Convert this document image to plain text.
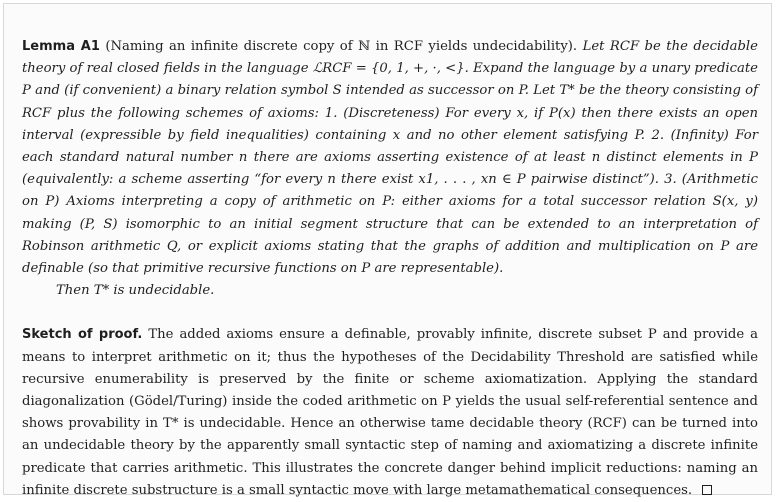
Lemma A1 (Naming an infinite discrete copy of ℕ in RCF yields undecidability). Let RCF be the decidable theory of real closed fields in the language ℒRCF = {0, 1, +, ·, <}. Expand the language by a unary predicate P and (if convenient) a binary relation symbol S intended as successor on P. Let T* be the theory consisting of RCF plus the following schemes of axioms: 1. (Discreteness) For every x, if P(x) then there exists an open interval (expressible by field inequalities) containing x and no other element satisfying P. 2. (Infinity) For each standard natural number n there are axioms asserting existence of at least n distinct elements in P (equivalently: a scheme asserting “for every n there exist x1, . . . , xn ∈ P pairwise distinct”). 3. (Arithmetic on P) Axioms interpreting a copy of arithmetic on P: either axioms for a total successor relation S(x, y) making (P, S) isomorphic to an initial segment structure that can be extended to an interpretation of Robinson arithmetic Q, or explicit axioms stating that the graphs of addition and multiplication on P are definable (so that primitive recursive functions on P are representable).

Then T* is undecidable.

Sketch of proof. The added axioms ensure a definable, provably infinite, discrete subset P and provide a means to interpret arithmetic on it; thus the hypotheses of the Decidability Threshold are satisfied while recursive enumerability is preserved by the finite or scheme axiomatization. Applying the standard diagonalization (Gödel/Turing) inside the coded arithmetic on P yields the usual self-referential sentence and shows provability in T* is undecidable. Hence an otherwise tame decidable theory (RCF) can be turned into an undecidable theory by the apparently small syntactic step of naming and axiomatizing a discrete infinite predicate that carries arithmetic. This illustrates the concrete danger behind implicit reductions: naming an infinite discrete substructure is a small syntactic move with large metamathematical consequences.
